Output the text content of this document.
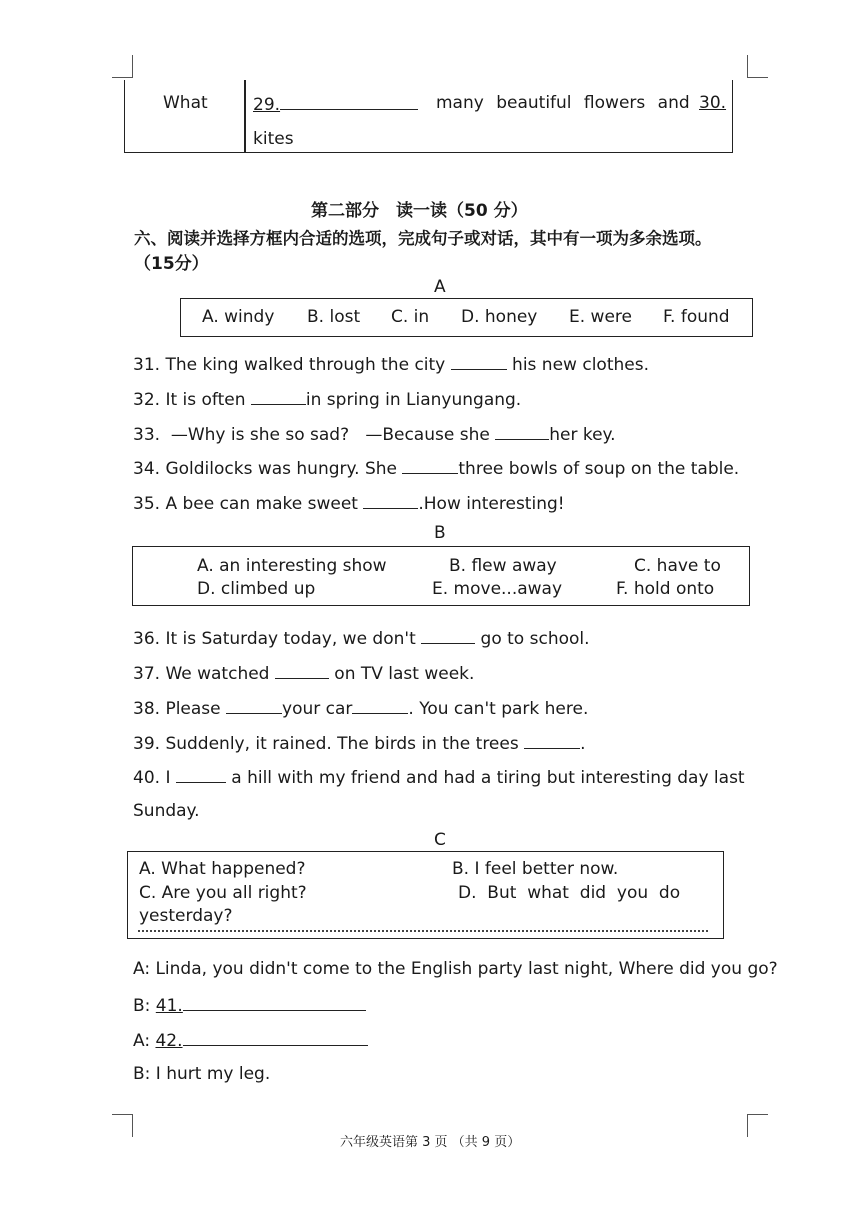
What	29.	many beautiful flowers and 30.
kites
第二部分　读一读（50 分）
六、阅读并选择方框内合适的选项，完成句子或对话，其中有一项为多余选项。
（15分）
A
A. windy B. lost C. in D. honey E. were F. found
31. The king walked through the city	his new clothes.
32. It is often	in spring in Lianyungang.
33.  —Why is she so sad?   —Because she	her key.
34. Goldilocks was hungry. She	three bowls of soup on the table.
35. A bee can make sweet	.How interesting!
B
A. an interesting show	B. flew away	C. have to
D. climbed up	E. move...away	F. hold onto
36. It is Saturday today, we don't	go to school.
37. We watched	on TV last week.
38. Please	your car	. You can't park here.
39. Suddenly, it rained. The birds in the trees	.
40. I	a hill with my friend and had a tiring but interesting day last
Sunday.
C
A. What happened?	B. I feel better now.
C. Are you all right?	D.  But  what  did  you  do
yesterday?
A: Linda, you didn't come to the English party last night, Where did you go?
B: 41.
A: 42.
B: I hurt my leg.
六年级英语第 3 页 （共 9 页）
